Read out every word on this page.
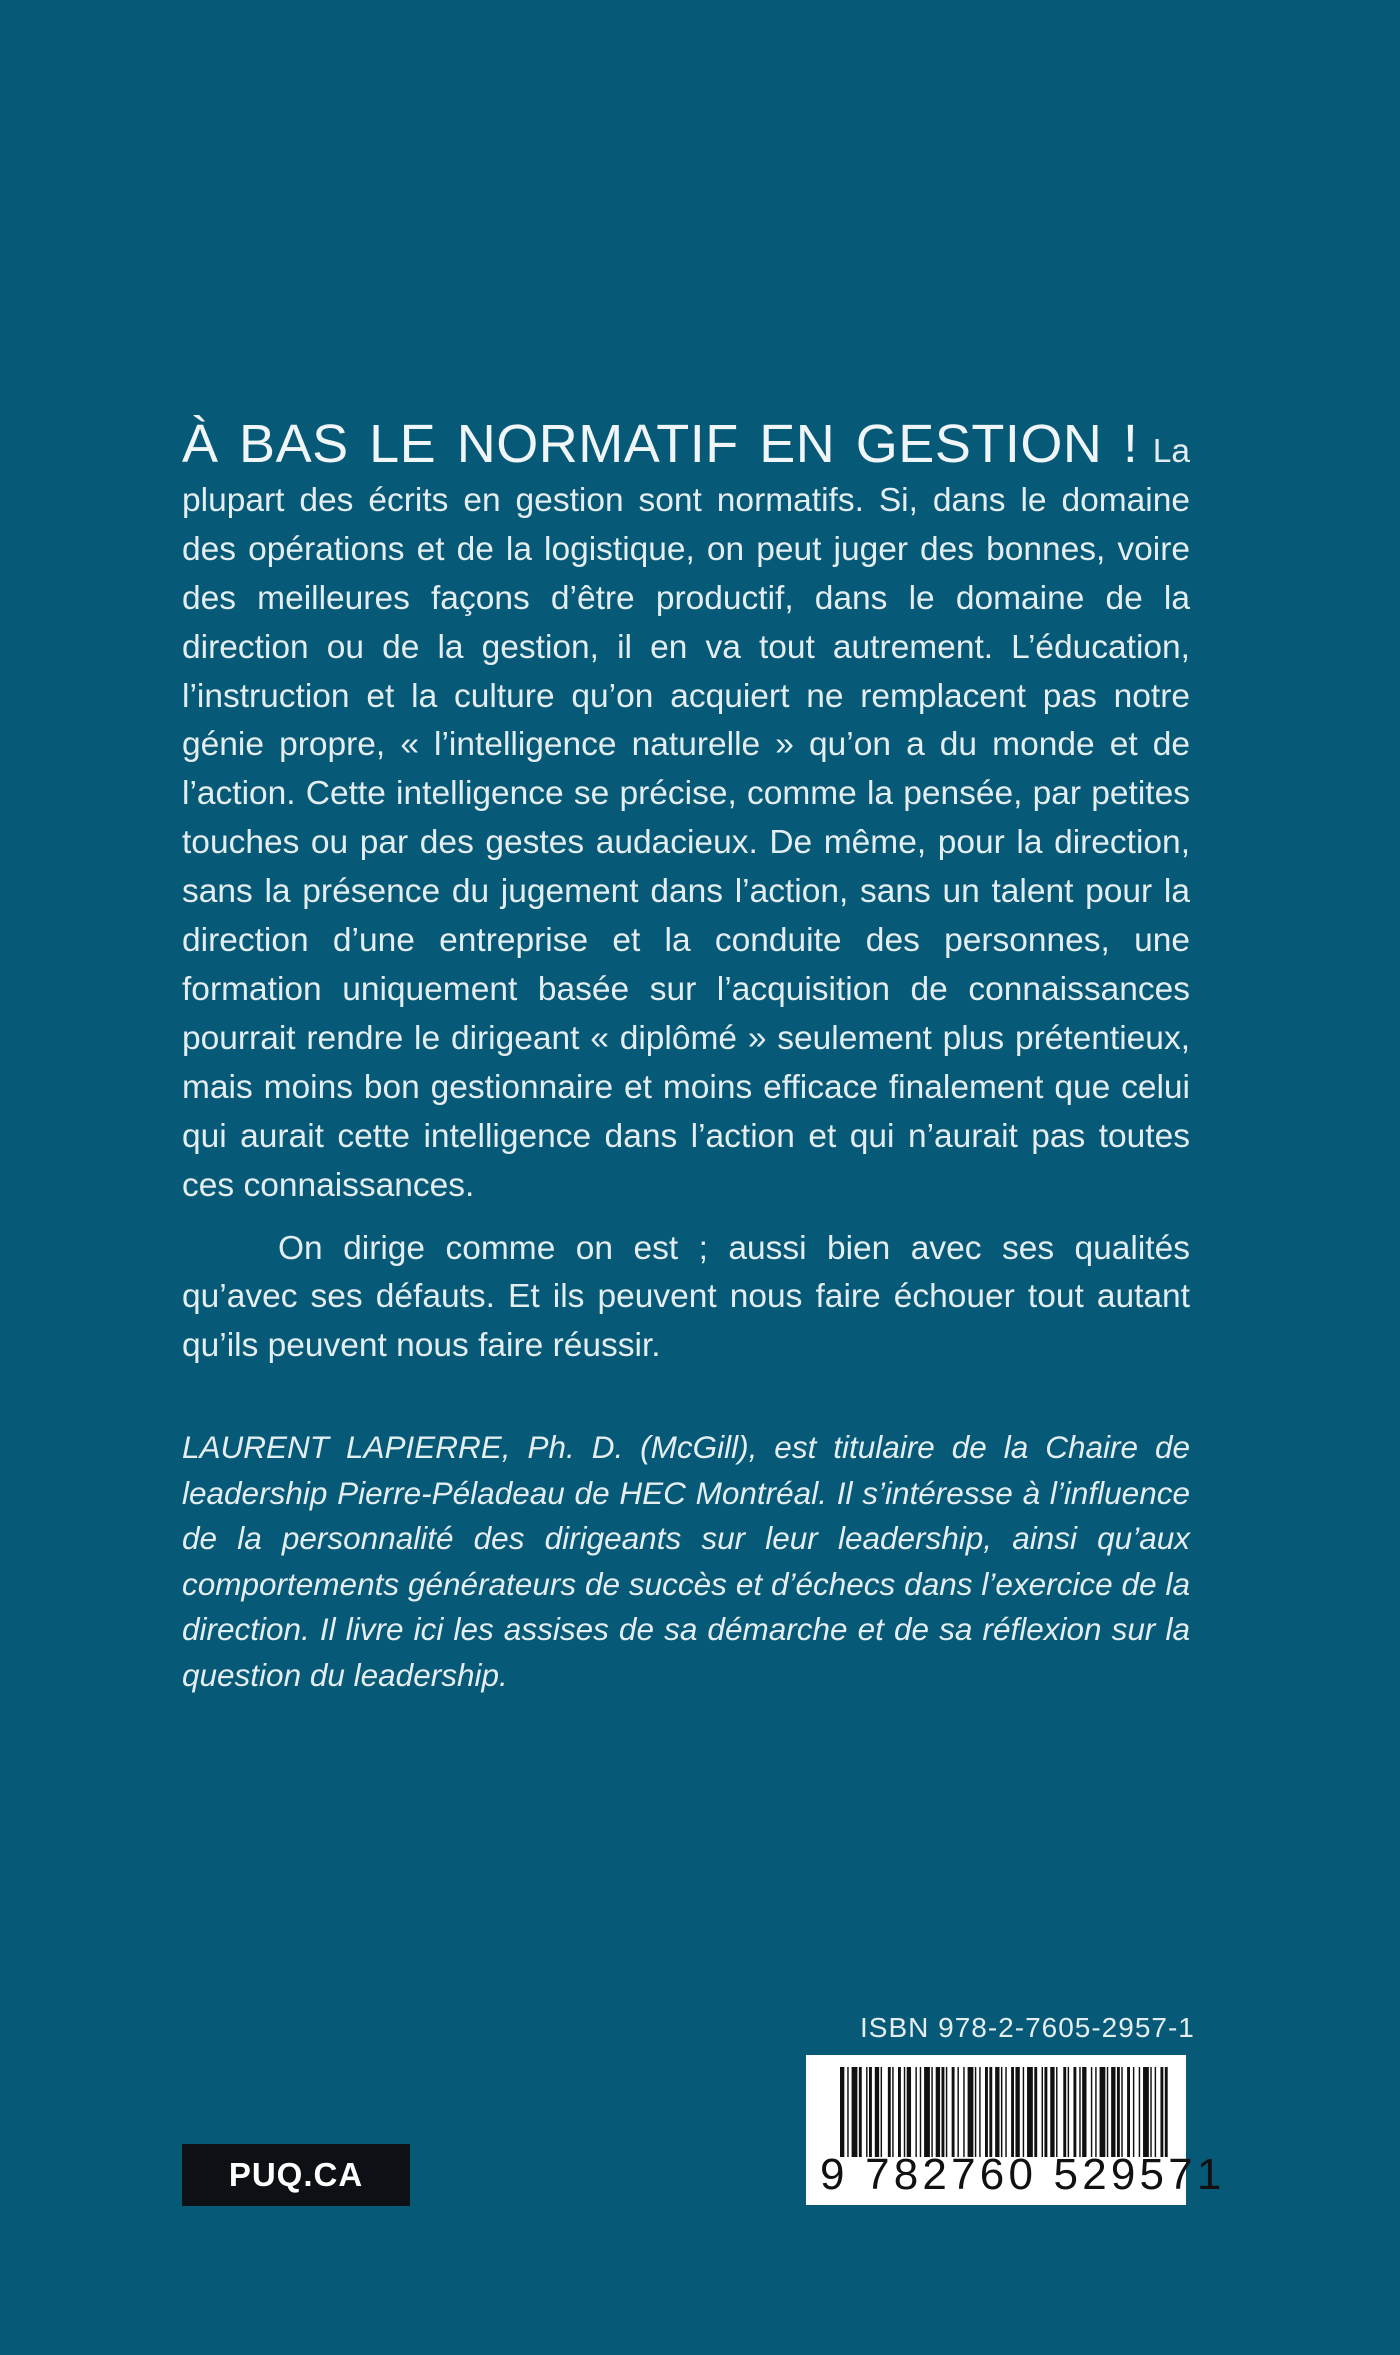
À BAS LE NORMATIF EN GESTION ! La plupart des écrits en gestion sont normatifs. Si, dans le domaine des opérations et de la logistique, on peut juger des bonnes, voire des meilleures façons d’être productif, dans le domaine de la direction ou de la gestion, il en va tout autrement. L’éducation, l’instruction et la culture qu’on acquiert ne remplacent pas notre génie propre, « l’intelligence naturelle » qu’on a du monde et de l’action. Cette intelligence se précise, comme la pensée, par petites touches ou par des gestes audacieux. De même, pour la direction, sans la présence du jugement dans l’action, sans un talent pour la direction d’une entreprise et la conduite des personnes, une formation uniquement basée sur l’acquisition de connaissances pourrait rendre le dirigeant « diplômé » seulement plus prétentieux, mais moins bon gestionnaire et moins efficace finalement que celui qui aurait cette intelligence dans l’action et qui n’aurait pas toutes ces connaissances.

On dirige comme on est ; aussi bien avec ses qualités qu’avec ses défauts. Et ils peuvent nous faire échouer tout autant qu’ils peuvent nous faire réussir.

LAURENT LAPIERRE, Ph. D. (McGill), est titulaire de la Chaire de leadership Pierre-Péladeau de HEC Montréal. Il s’intéresse à l’influence de la personnalité des dirigeants sur leur leadership, ainsi qu’aux comportements générateurs de succès et d’échecs dans l’exercice de la direction. Il livre ici les assises de sa démarche et de sa réflexion sur la question du leadership.

ISBN 978-2-7605-2957-1
9 782760 529571
PUQ.CA
